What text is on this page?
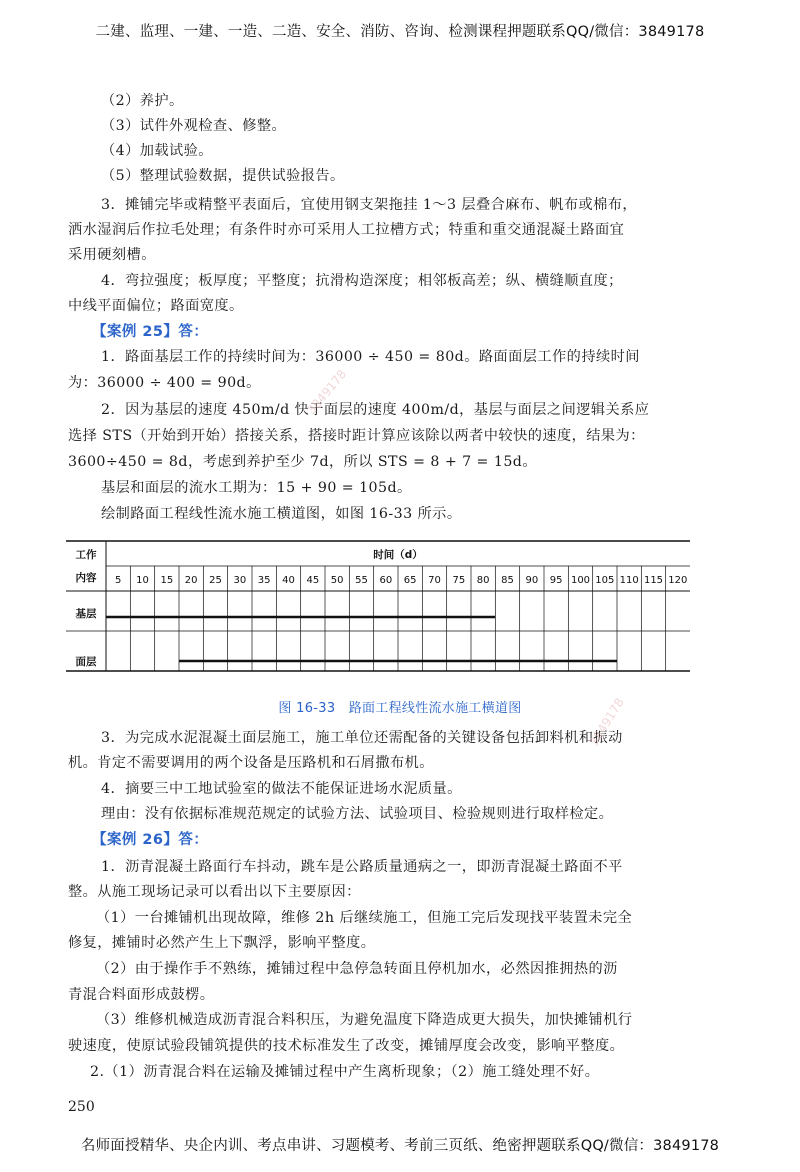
二建、监理、一建、一造、二造、安全、消防、咨询、检测课程押题联系QQ/微信：3849178
（2）养护。
（3）试件外观检查、修整。
（4）加载试验。
（5）整理试验数据，提供试验报告。
3．摊铺完毕或精整平表面后，宜使用钢支架拖挂 1～3 层叠合麻布、帆布或棉布，
洒水湿润后作拉毛处理；有条件时亦可采用人工拉槽方式；特重和重交通混凝土路面宜
采用硬刻槽。
4．弯拉强度；板厚度；平整度；抗滑构造深度；相邻板高差；纵、横缝顺直度；
中线平面偏位；路面宽度。
【案例 25】答：
1．路面基层工作的持续时间为：36000 ÷ 450 = 80d。路面面层工作的持续时间
为：36000 ÷ 400 = 90d。
2．因为基层的速度 450m/d 快于面层的速度 400m/d，基层与面层之间逻辑关系应
选择 STS（开始到开始）搭接关系，搭接时距计算应该除以两者中较快的速度，结果为：
3600÷450 = 8d，考虑到养护至少 7d，所以 STS = 8 + 7 = 15d。
基层和面层的流水工期为：15 + 90 = 105d。
绘制路面工程线性流水施工横道图，如图 16-33 所示。
工作
内容
时间（d）
5 10 15 20 25 30 35 40 45 50 55 60 65 70 75 80 85 90 95 100 105 110 115 120
基层
面层
图 16-33　路面工程线性流水施工横道图
3．为完成水泥混凝土面层施工，施工单位还需配备的关键设备包括卸料机和振动
机。肯定不需要调用的两个设备是压路机和石屑撒布机。
4．摘要三中工地试验室的做法不能保证进场水泥质量。
理由：没有依据标准规范规定的试验方法、试验项目、检验规则进行取样检定。
【案例 26】答：
1．沥青混凝土路面行车抖动，跳车是公路质量通病之一，即沥青混凝土路面不平
整。从施工现场记录可以看出以下主要原因：
（1）一台摊铺机出现故障，维修 2h 后继续施工，但施工完后发现找平装置未完全
修复，摊铺时必然产生上下飘浮，影响平整度。
（2）由于操作手不熟练，摊铺过程中急停急转面且停机加水，必然因推拥热的沥
青混合料面形成鼓楞。
（3）维修机械造成沥青混合料积压，为避免温度下降造成更大损失，加快摊铺机行
驶速度，使原试验段铺筑提供的技术标准发生了改变，摊铺厚度会改变，影响平整度。
2.（1）沥青混合料在运输及摊铺过程中产生离析现象；（2）施工缝处理不好。
250
名师面授精华、央企内训、考点串讲、习题模考、考前三页纸、绝密押题联系QQ/微信：3849178
3849178
3849178
